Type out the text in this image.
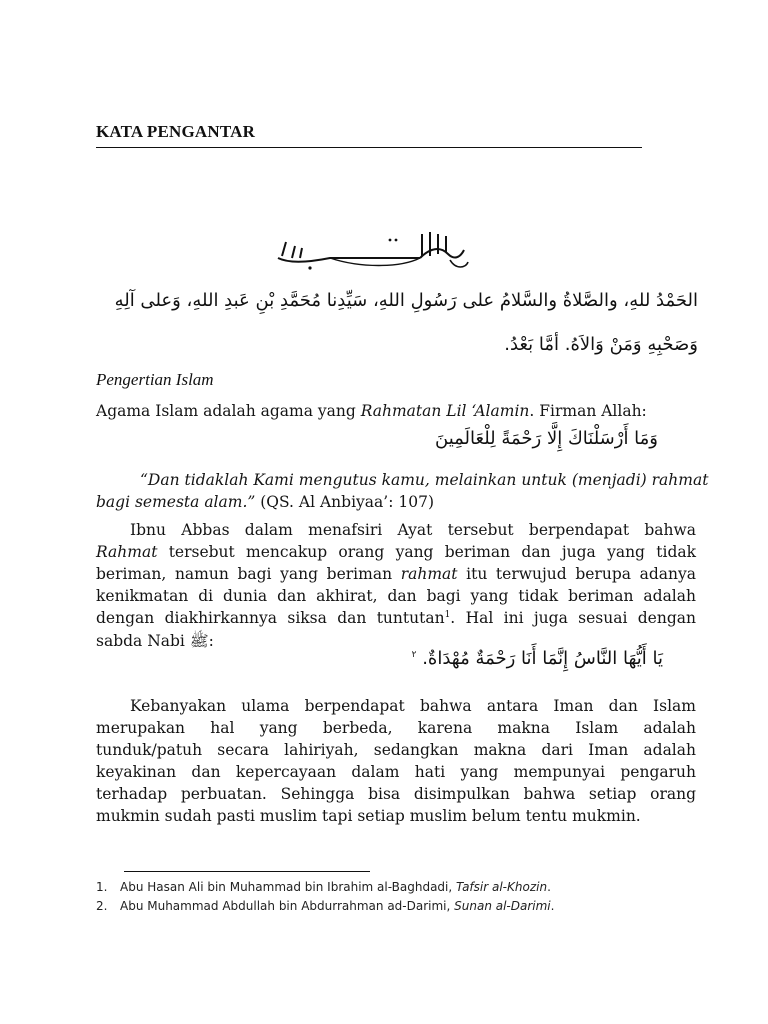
KATA PENGANTAR
الحَمْدُ للهِ، والصَّلاةُ والسَّلامُ على رَسُولِ اللهِ، سَيِّدِنا مُحَمَّدِ بْنِ عَبدِ اللهِ، وَعلى آلِهِ
وَصَحْبِهِ وَمَنْ وَالاَهُ. أمَّا بَعْدُ.
Pengertian Islam
Agama Islam adalah agama yang Rahmatan Lil ‘Alamin. Firman Allah:
وَمَا أَرْسَلْنَاكَ إِلَّا رَحْمَةً لِلْعَالَمِينَ
“Dan tidaklah Kami mengutus kamu, melainkan untuk (menjadi) rahmat
bagi semesta alam.” (QS. Al Anbiyaa’: 107)
Ibnu Abbas dalam menafsiri Ayat tersebut berpendapat bahwa
Rahmat tersebut mencakup orang yang beriman dan juga yang tidak
beriman, namun bagi yang beriman rahmat itu terwujud berupa adanya
kenikmatan di dunia dan akhirat, dan bagi yang tidak beriman adalah
dengan diakhirkannya siksa dan tuntutan$^1$. Hal ini juga sesuai dengan
sabda Nabi ﷺ:
يَا أَيُّهَا النَّاسُ إِنَّمَا أَنَا رَحْمَةٌ مُهْدَاةٌ. $^٢$
Kebanyakan ulama berpendapat bahwa antara Iman dan Islam
merupakan hal yang berbeda, karena makna Islam adalah
tunduk/patuh secara lahiriyah, sedangkan makna dari Iman adalah
keyakinan dan kepercayaan dalam hati yang mempunyai pengaruh
terhadap perbuatan. Sehingga bisa disimpulkan bahwa setiap orang
mukmin sudah pasti muslim tapi setiap muslim belum tentu mukmin.
1. Abu Hasan Ali bin Muhammad bin Ibrahim al-Baghdadi, Tafsir al-Khozin.
2. Abu Muhammad Abdullah bin Abdurrahman ad-Darimi, Sunan al-Darimi.
